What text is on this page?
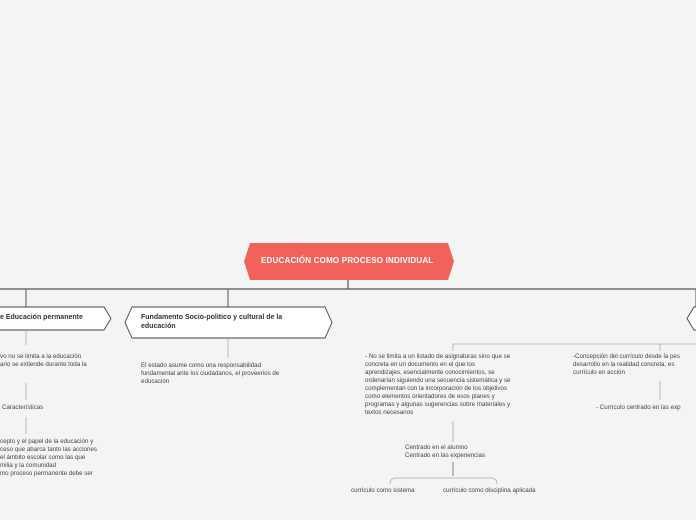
EDUCACIÓN COMO PROCESO INDIVIDUAL
e Educación permanente	Fundamento Socio-politico y cultural de la educación
vo no se limita a la educación
ario se extiende durante toda la
Características
cepto y el papel de la educación y
ceso que abarca tanto las acciones
el ámbito escolar como las que
milia y la comunidad
mo proceso permanente debe ser
El estado asume como una responsabilidad
fundamental ante los ciudadanos, el proveerios de
educación
- No se limita a un listado de asignaturas sino que se
concreta en un documento en el que los
aprendizajes, esencialmente conocimientos, se
ordenarían siguiendo una secuencia sistemática y se
complementan con la incorporación de los objetivos
como elementos orientadores de esos planes y
programas y algunas sugerencias sobre materiales y
textos necesarios
Centrado en el alumno
Centrado en las experiencias
currículo como sistema	currículo como disciplina aplicada
-Concepción del currículo desde la pes
desarrollo en la realidad concreta, es
currículo en acción
- Currículo centrado en las exp
